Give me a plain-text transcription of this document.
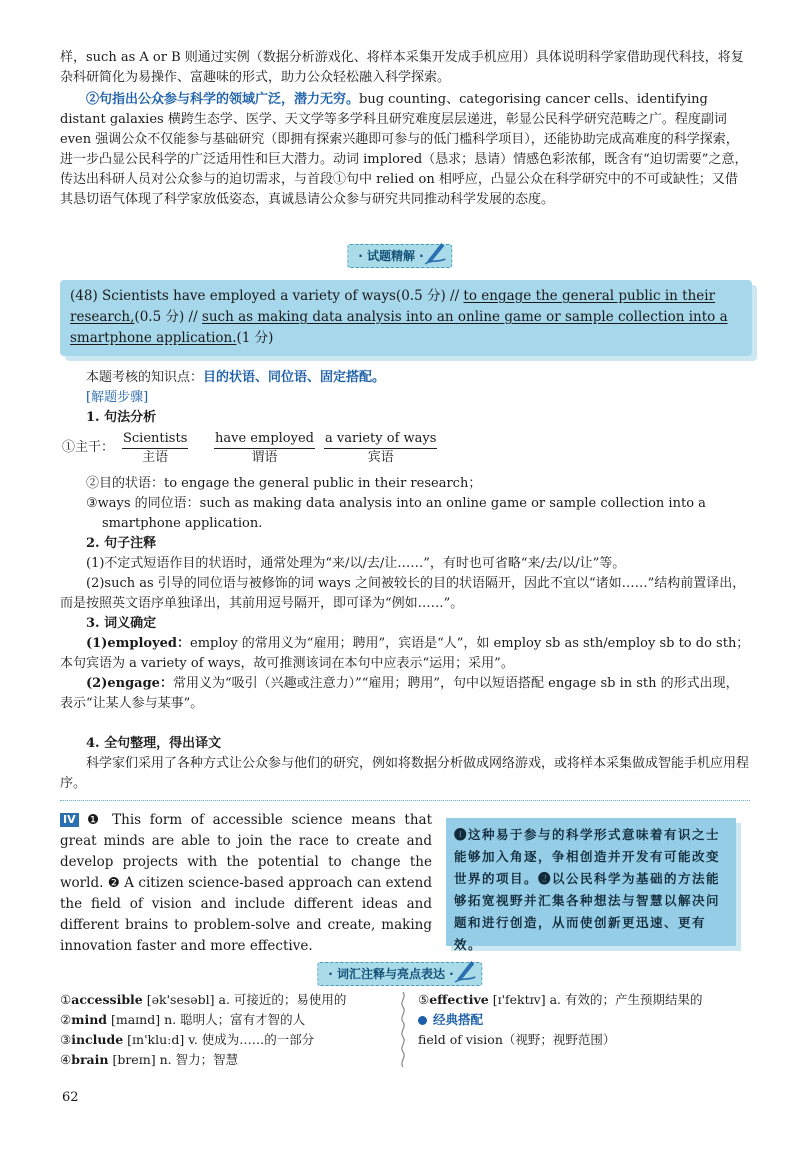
样，such as A or B 则通过实例（数据分析游戏化、将样本采集开发成手机应用）具体说明科学家借助现代科技，将复杂科研简化为易操作、富趣味的形式，助力公众轻松融入科学探索。

②句指出公众参与科学的领域广泛，潜力无穷。bug counting、categorising cancer cells、identifying distant galaxies 横跨生态学、医学、天文学等多学科且研究难度层层递进，彰显公民科学研究范畴之广。程度副词 even 强调公众不仅能参与基础研究（即拥有探索兴趣即可参与的低门槛科学项目），还能协助完成高难度的科学探索，进一步凸显公民科学的广泛适用性和巨大潜力。动词 implored（恳求；恳请）情感色彩浓郁，既含有“迫切需要”之意，传达出科研人员对公众参与的迫切需求，与首段①句中 relied on 相呼应，凸显公众在科学研究中的不可或缺性；又借其恳切语气体现了科学家放低姿态，真诚恳请公众参与研究共同推动科学发展的态度。

· 试题精解 ·
(48) Scientists have employed a variety of ways(0.5 分) // to engage the general public in their research,(0.5 分) // such as making data analysis into an online game or sample collection into a smartphone application.(1 分)

本题考核的知识点：目的状语、同位语、固定搭配。

[解题步骤]

1. 句法分析

①主干：
Scientists
主语
have employed
谓语
a variety of ways
宾语

②目的状语：to engage the general public in their research；

③ways 的同位语：such as making data analysis into an online game or sample collection into a smartphone application.

2. 句子注释

(1)不定式短语作目的状语时，通常处理为“来/以/去/让……”，有时也可省略“来/去/以/让”等。

(2)such as 引导的同位语与被修饰的词 ways 之间被较长的目的状语隔开，因此不宜以“诸如……”结构前置译出，而是按照英文语序单独译出，其前用逗号隔开，即可译为“例如……”。

3. 词义确定

(1)employed：employ 的常用义为“雇用；聘用”，宾语是“人”，如 employ sb as sth/employ sb to do sth；本句宾语为 a variety of ways，故可推测该词在本句中应表示“运用；采用”。

(2)engage：常用义为“吸引（兴趣或注意力）”“雇用；聘用”，句中以短语搭配 engage sb in sth 的形式出现，表示“让某人参与某事”。

4. 全句整理，得出译文

科学家们采用了各种方式让公众参与他们的研究，例如将数据分析做成网络游戏，或将样本采集做成智能手机应用程序。

IV ❶ This form of accessible science means that great minds are able to join the race to create and develop projects with the potential to change the world. ❷ A citizen science-based approach can extend the field of vision and include different ideas and different brains to problem-solve and create, making innovation faster and more effective.
❶这种易于参与的科学形式意味着有识之士能够加入角逐，争相创造并开发有可能改变世界的项目。❷以公民科学为基础的方法能够拓宽视野并汇集各种想法与智慧以解决问题和进行创造，从而使创新更迅速、更有效。
· 词汇注释与亮点表达 ·
①accessible [ək'sesəbl] a. 可接近的；易使用的
②mind [maɪnd] n. 聪明人；富有才智的人
③include [ɪn'kluːd] v. 使成为……的一部分
④brain [breɪn] n. 智力；智慧
⑤effective [ɪ'fektɪv] a. 有效的；产生预期结果的
经典搭配
field of vision（视野；视野范围）
62
